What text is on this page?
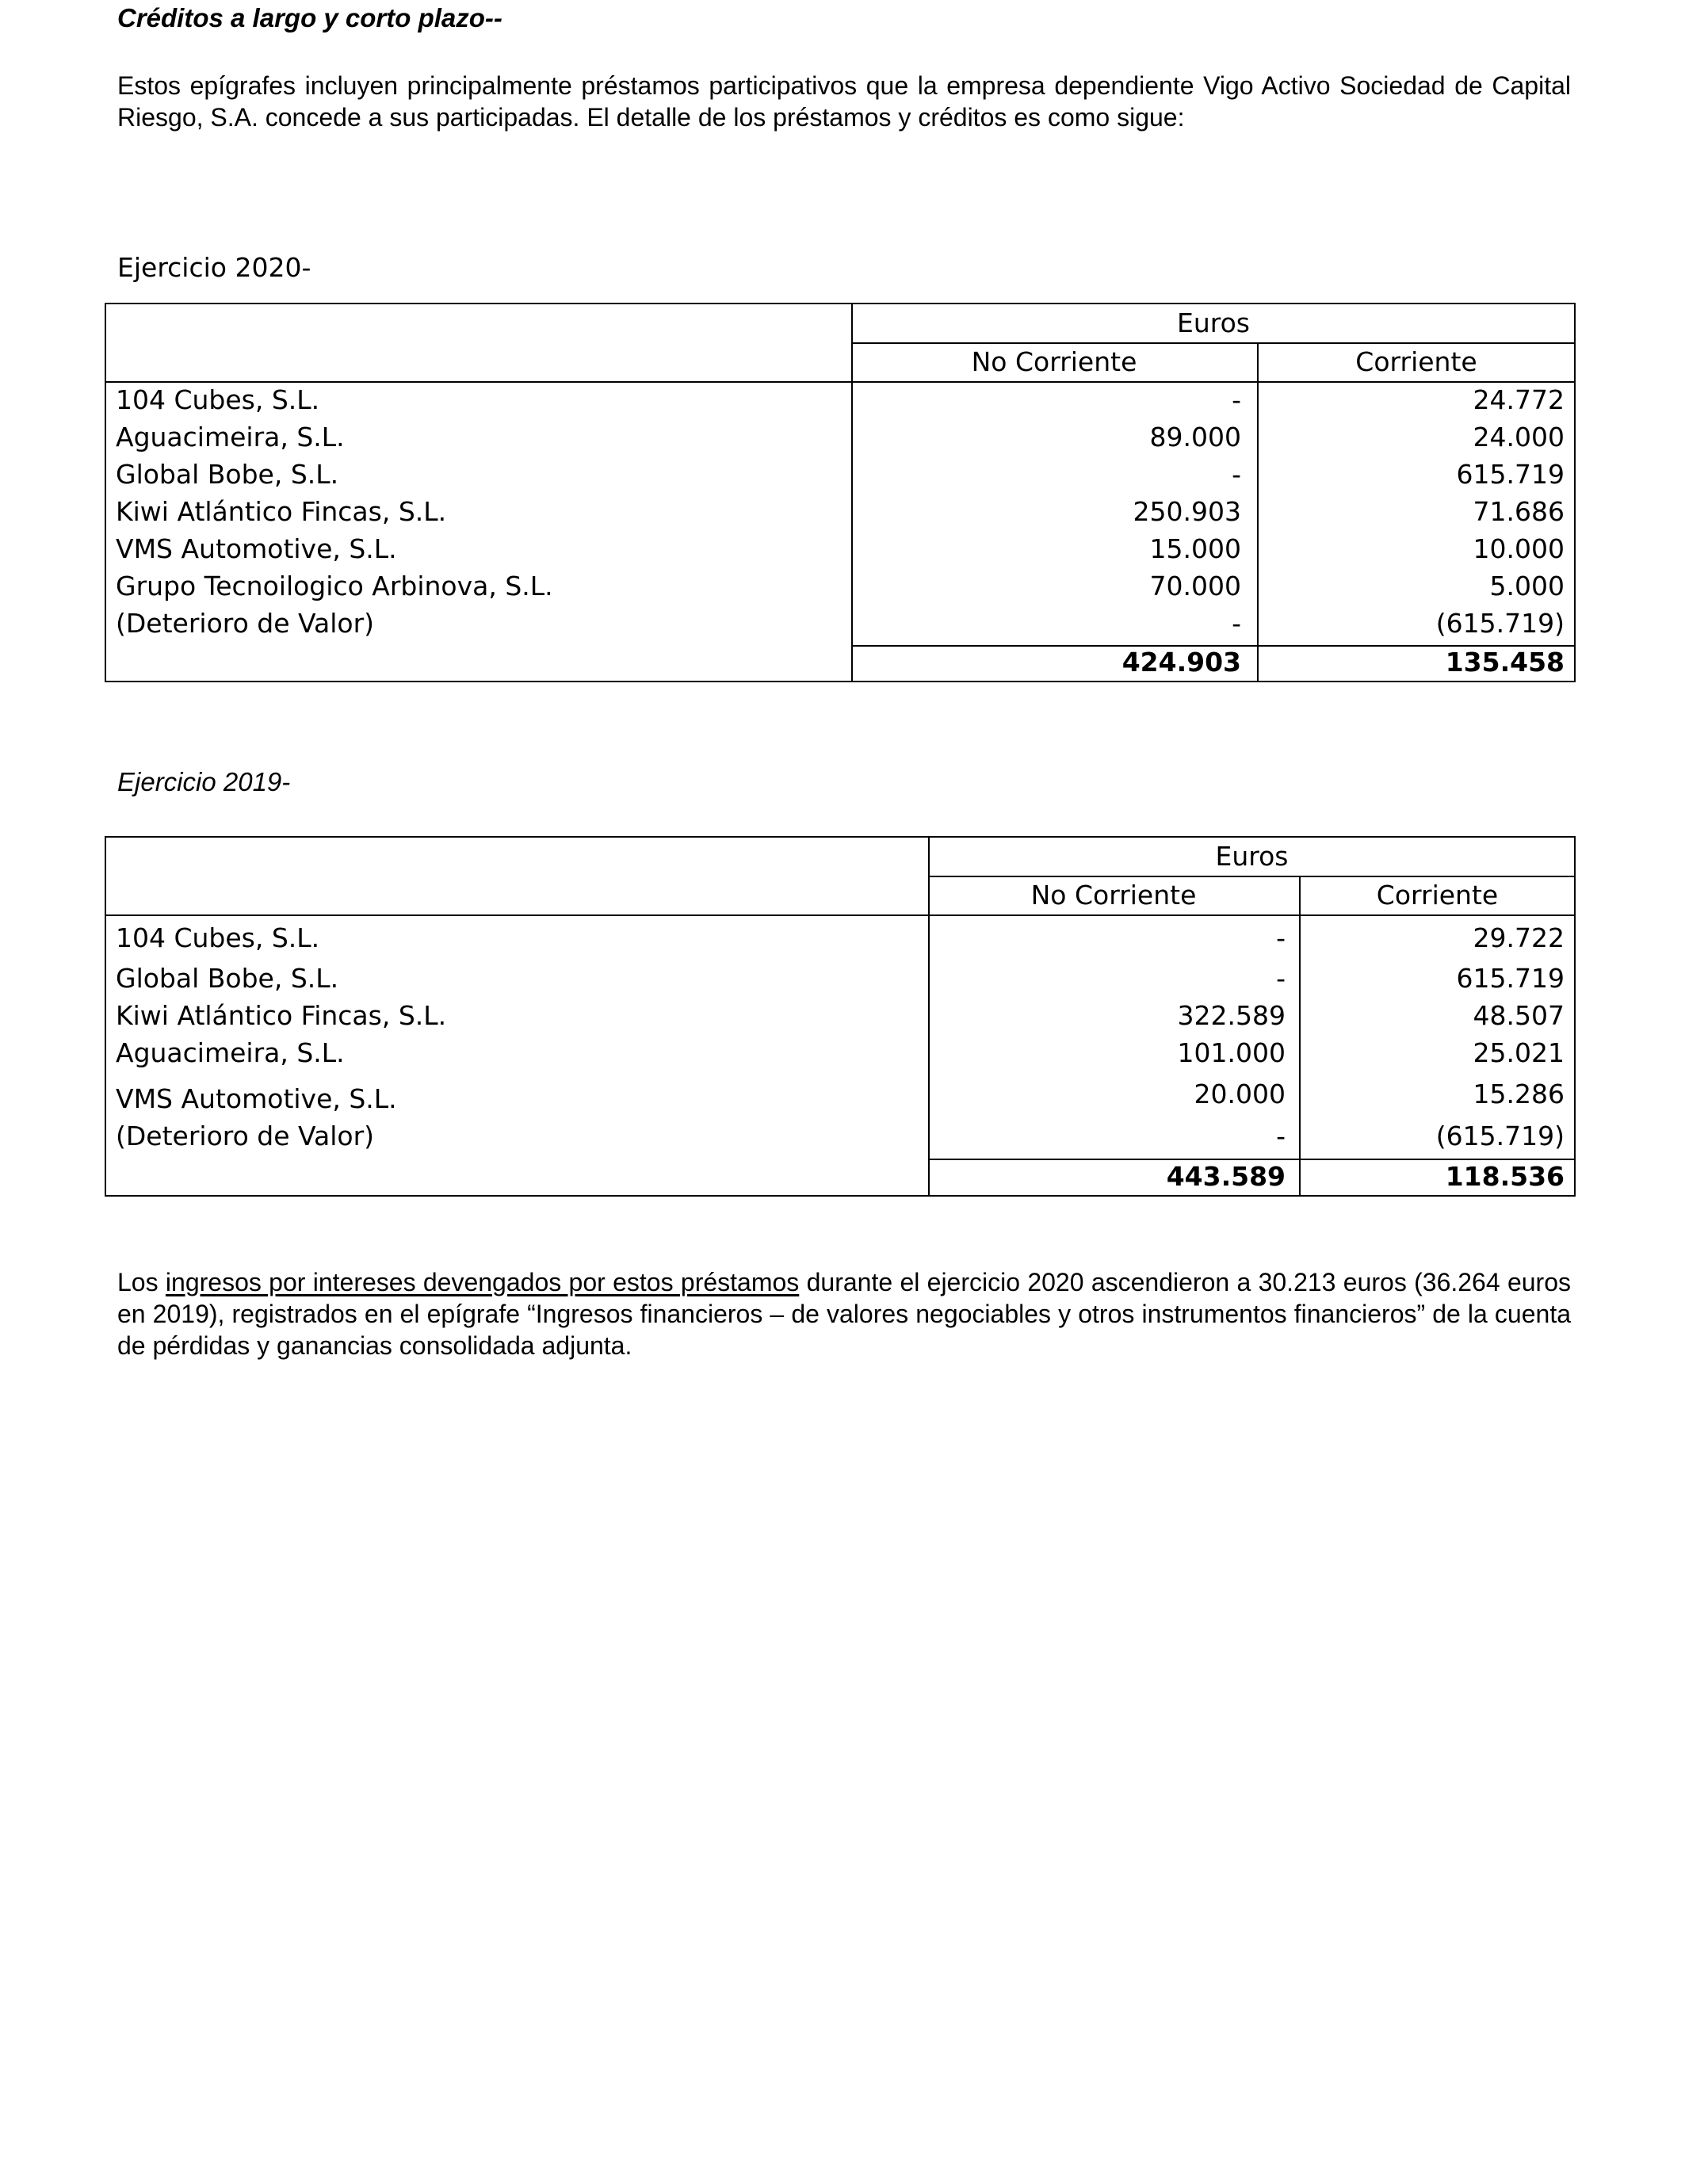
Créditos a largo y corto plazo--

Estos epígrafes incluyen principalmente préstamos participativos que la empresa dependiente Vigo Activo Sociedad de Capital Riesgo, S.A. concede a sus participadas. El detalle de los préstamos y créditos es como sigue:

Ejercicio 2020-
Euros
No Corriente	Corriente
104 Cubes, S.L.	-	24.772
Aguacimeira, S.L.	89.000	24.000
Global Bobe, S.L.	-	615.719
Kiwi Atlántico Fincas, S.L.	250.903	71.686
VMS Automotive, S.L.	15.000	10.000
Grupo Tecnoilogico Arbinova, S.L.	70.000	5.000
(Deterioro de Valor)	-	(615.719)
424.903	135.458
Ejercicio 2019-
Euros
No Corriente	Corriente
104 Cubes, S.L.	-	29.722
Global Bobe, S.L.	-	615.719
Kiwi Atlántico Fincas, S.L.	322.589	48.507
Aguacimeira, S.L.	101.000	25.021
VMS Automotive, S.L.	20.000	15.286
(Deterioro de Valor)	-	(615.719)
443.589	118.536

Los ingresos por intereses devengados por estos préstamos durante el ejercicio 2020 ascendieron a 30.213 euros (36.264 euros en 2019), registrados en el epígrafe “Ingresos financieros – de valores negociables y otros instrumentos financieros” de la cuenta de pérdidas y ganancias consolidada adjunta.
